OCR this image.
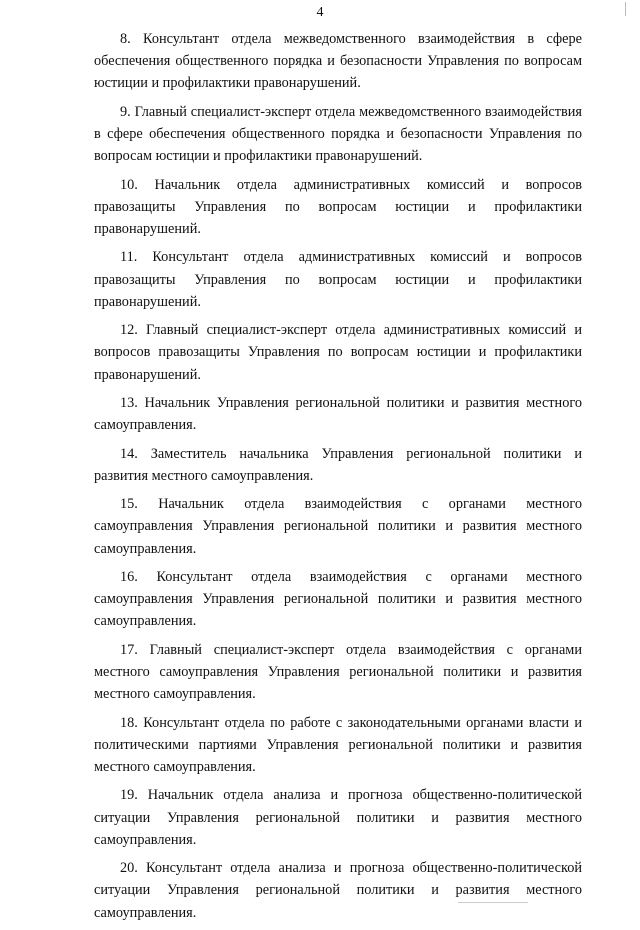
4

8. Консультант отдела межведомственного взаимодействия в сфере обеспечения общественного порядка и безопасности Управления по вопросам юстиции и профилактики правонарушений.

9. Главный специалист-эксперт отдела межведомственного взаимодействия в сфере обеспечения общественного порядка и безопасности Управления по вопросам юстиции и профилактики правонарушений.

10. Начальник отдела административных комиссий и вопросов правозащиты Управления по вопросам юстиции и профилактики правонарушений.

11. Консультант отдела административных комиссий и вопросов правозащиты Управления по вопросам юстиции и профилактики правонарушений.

12. Главный специалист-эксперт отдела административных комиссий и вопросов правозащиты Управления по вопросам юстиции и профилактики правонарушений.

13. Начальник Управления региональной политики и развития местного самоуправления.

14. Заместитель начальника Управления региональной политики и развития местного самоуправления.

15. Начальник отдела взаимодействия с органами местного самоуправления Управления региональной политики и развития местного самоуправления.

16. Консультант отдела взаимодействия с органами местного самоуправления Управления региональной политики и развития местного самоуправления.

17. Главный специалист-эксперт отдела взаимодействия с органами местного самоуправления Управления региональной политики и развития местного самоуправления.

18. Консультант отдела по работе с законодательными органами власти и политическими партиями Управления региональной политики и развития местного самоуправления.

19. Начальник отдела анализа и прогноза общественно-политической ситуации Управления региональной политики и развития местного самоуправления.

20. Консультант отдела анализа и прогноза общественно-политической ситуации Управления региональной политики и развития местного самоуправления.
